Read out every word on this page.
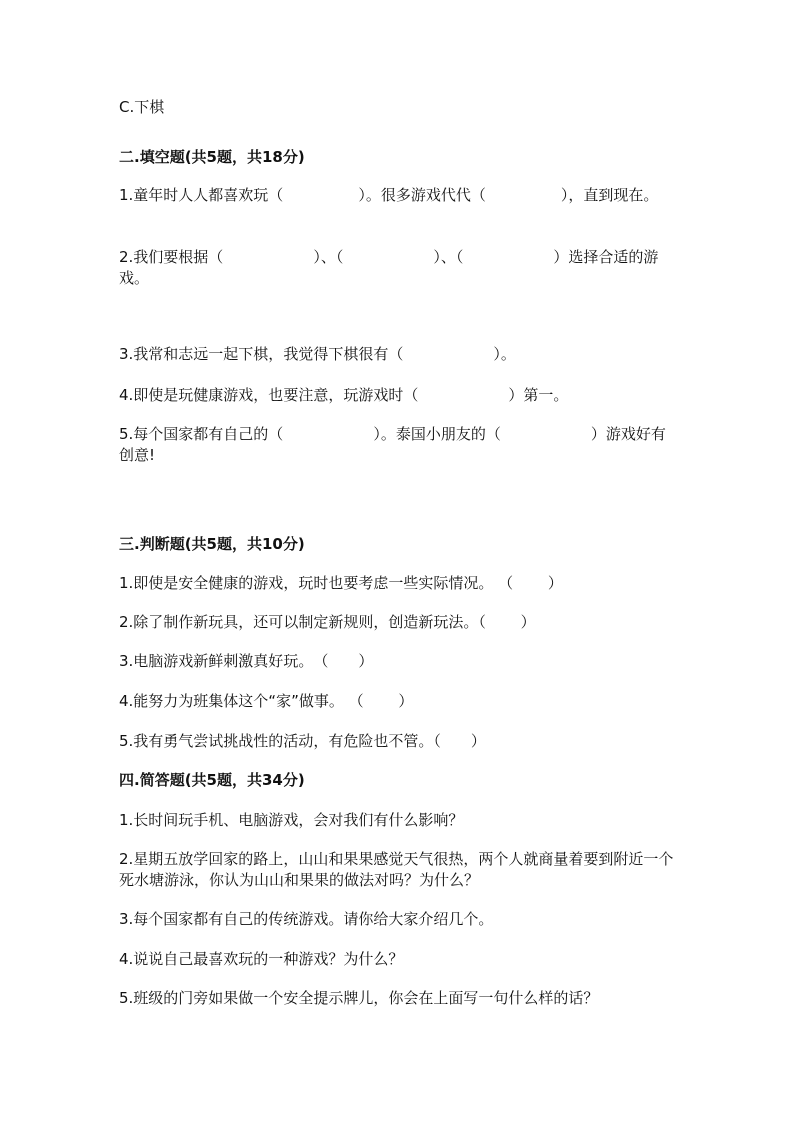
C.下棋
二.填空题(共5题，共18分)
1.童年时人人都喜欢玩（　　　　　）。很多游戏代代（　　　　　），直到现在。
2.我们要根据（　　　　　　）、（　　　　　　）、（　　　　　　）选择合适的游戏。
3.我常和志远一起下棋，我觉得下棋很有（　　　　　　）。
4.即使是玩健康游戏，也要注意，玩游戏时（　　　　　　）第一。
5.每个国家都有自己的（　　　　　　）。泰国小朋友的（　　　　　　）游戏好有创意!
三.判断题(共5题，共10分)
1.即使是安全健康的游戏，玩时也要考虑一些实际情况。 （　　 ）
2.除了制作新玩具，还可以制定新规则，创造新玩法。（　　 ）
3.电脑游戏新鲜刺激真好玩。　（　　）
4.能努力为班集体这个“家”做事。 （　　 ）
5.我有勇气尝试挑战性的活动，有危险也不管。（　　）
四.简答题(共5题，共34分)
1.长时间玩手机、电脑游戏，会对我们有什么影响？
2.星期五放学回家的路上，山山和果果感觉天气很热，两个人就商量着要到附近一个死水塘游泳，你认为山山和果果的做法对吗？为什么？
3.每个国家都有自己的传统游戏。请你给大家介绍几个。
4.说说自己最喜欢玩的一种游戏？为什么？
5.班级的门旁如果做一个安全提示牌儿，你会在上面写一句什么样的话？
